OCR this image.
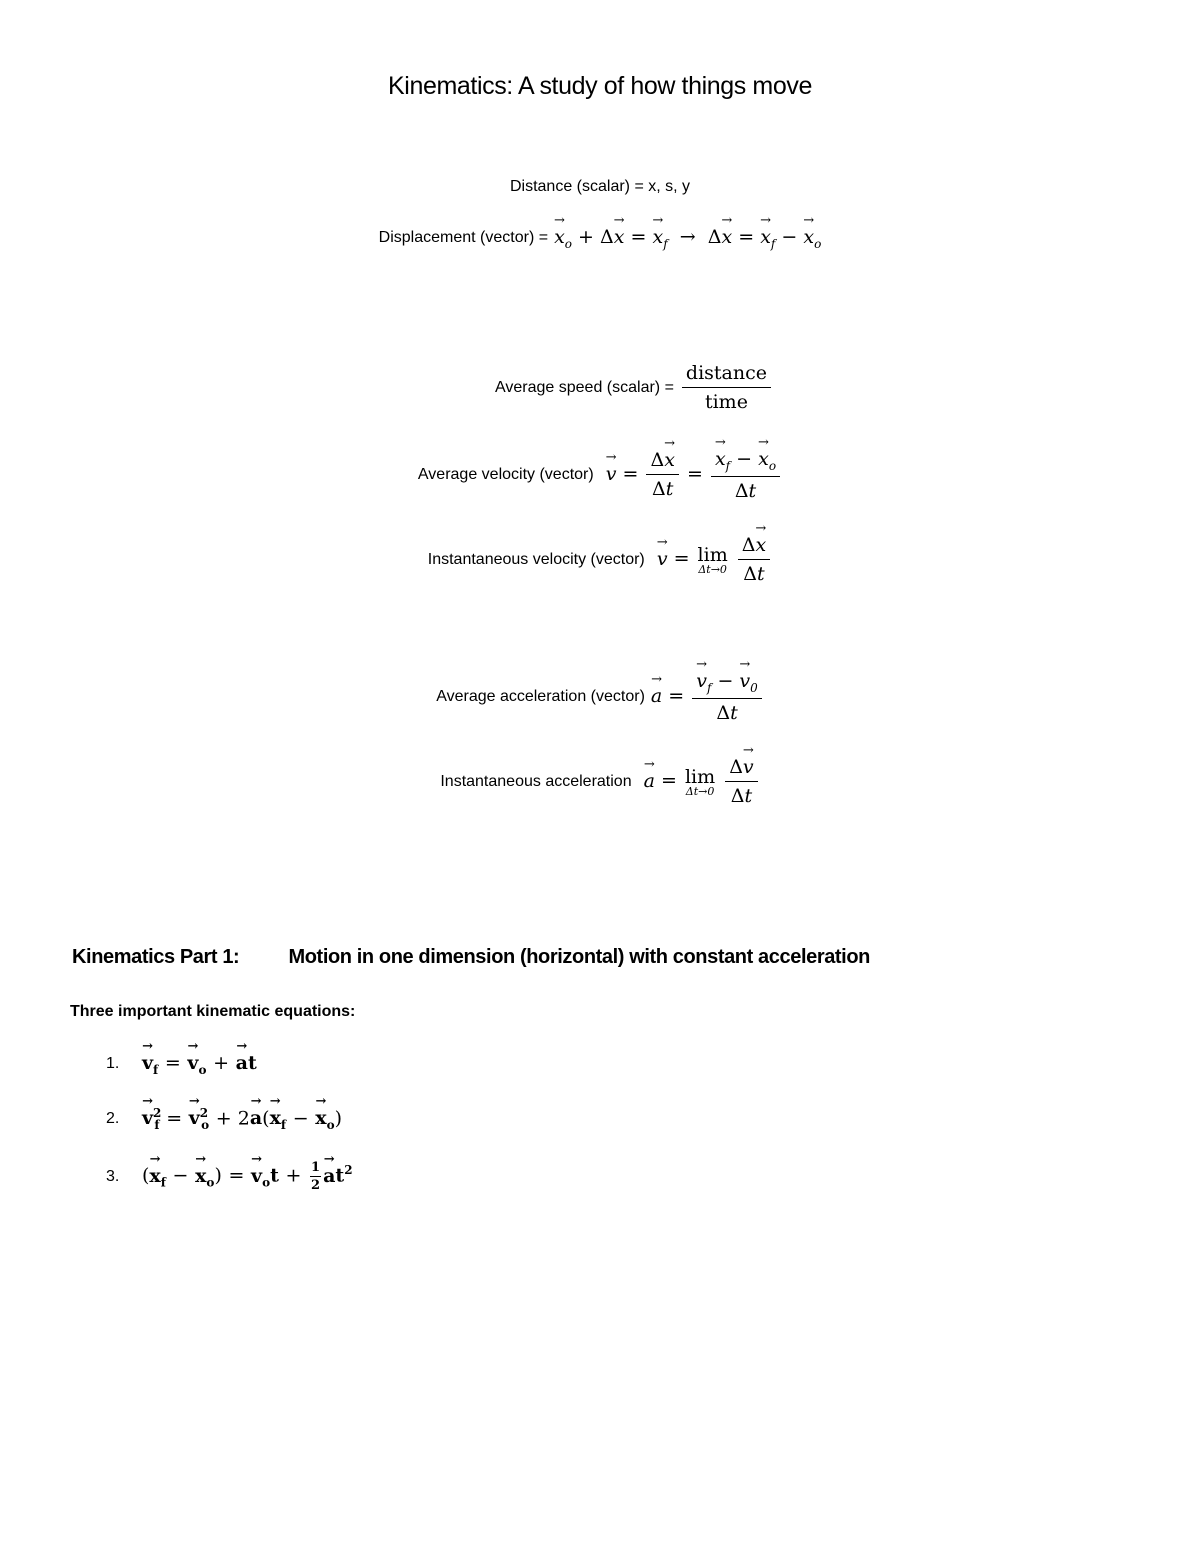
Kinematics: A study of how things move
Distance (scalar) = x, s, y
Displacement (vector) =
→ $x_o + \Delta\to x$ = → $x_f \to \Delta\to x$ = → $x_f$ − → $x_o$
Average speed (scalar) = $\frac{\text{distance}}{\text{time}}$
Average velocity (vector)
→ $v = \frac{\Delta\to x}{\Delta t}$ =
→ $\frac{x_f - \to x_o}{\Delta t}$
Instantaneous velocity (vector)
→ v = lim
Δt→0
$\frac{\Delta\to x}{\Delta t}$
Average acceleration (vector)
→ a =
→ $\frac{v_f - \to v_0}{\Delta t}$
Instantaneous acceleration
→ a = lim
Δt→0
$\frac{\Delta\to v}{\Delta t}$
Kinematics Part 1: Motion in one dimension (horizontal) with constant acceleration
Three important kinematic equations:
1.
→	$v_f$ = → $v_o$ + → at
2.
→	$v^2_f$ = → $v^2_o + 2\to a(\to x_f$ − → $x_o$)
3.	(→ $x_f$ − → $x_o$) = → $v_ot + \frac{1}{2}$
→ $at^2$
